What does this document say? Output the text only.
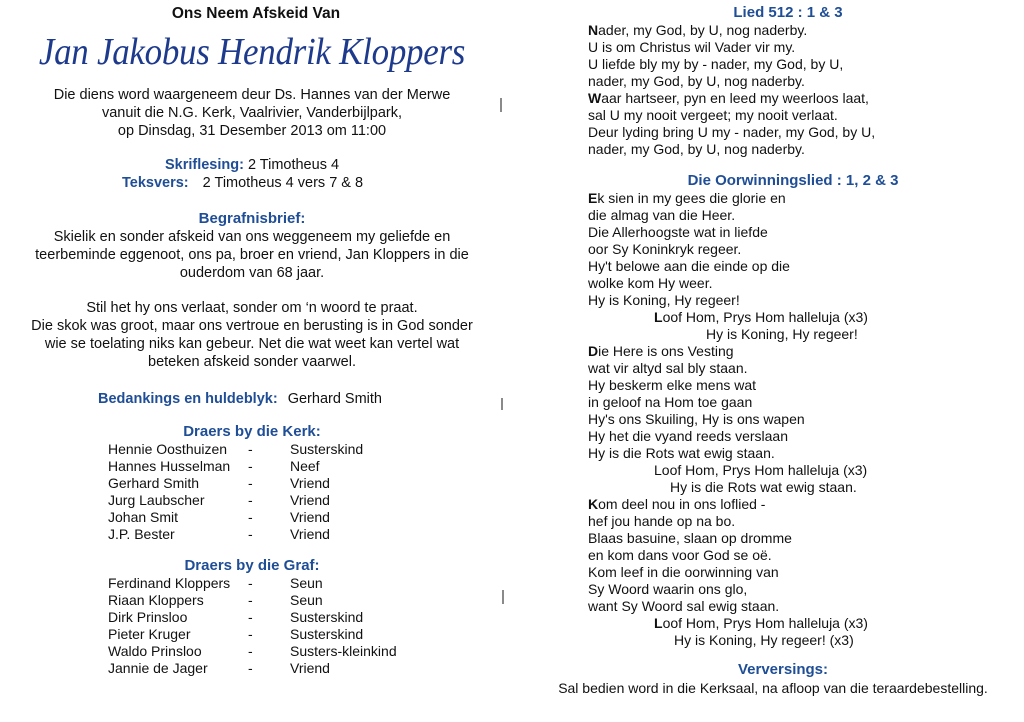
Ons Neem Afskeid Van
Jan Jakobus Hendrik Kloppers
Die diens word waargeneem deur Ds. Hannes van der Merwe
vanuit die N.G. Kerk, Vaalrivier, Vanderbijlpark,
op Dinsdag, 31 Desember 2013 om 11:00
Skriflesing: 2 Timotheus 4
Teksvers: 2 Timotheus 4 vers 7 & 8
Begrafnisbrief:
Skielik en sonder afskeid van ons weggeneem my geliefde en
teerbeminde eggenoot, ons pa, broer en vriend, Jan Kloppers in die
ouderdom van 68 jaar.
Stil het hy ons verlaat, sonder om ‘n woord te praat.
Die skok was groot, maar ons vertroue en berusting is in God sonder
wie se toelating niks kan gebeur. Net die wat weet kan vertel wat
beteken afskeid sonder vaarwel.
Bedankings en huldeblyk: Gerhard Smith
Draers by die Kerk:
Hennie Oosthuizen	-	Susterskind
Hannes Husselman	-	Neef
Gerhard Smith	-	Vriend
Jurg Laubscher	-	Vriend
Johan Smit	-	Vriend
J.P. Bester	-	Vriend
Draers by die Graf:
Ferdinand Kloppers	-	Seun
Riaan Kloppers	-	Seun
Dirk Prinsloo	-	Susterskind
Pieter Kruger	-	Susterskind
Waldo Prinsloo	-	Susters-kleinkind
Jannie de Jager	-	Vriend
Lied 512 : 1 & 3
Nader, my God, by U, nog naderby.
U is om Christus wil Vader vir my.
U liefde bly my by - nader, my God, by U,
nader, my God, by U, nog naderby.
Waar hartseer, pyn en leed my weerloos laat,
sal U my nooit vergeet; my nooit verlaat.
Deur lyding bring U my - nader, my God, by U,
nader, my God, by U, nog naderby.
Die Oorwinningslied : 1, 2 & 3
Ek sien in my gees die glorie en
die almag van die Heer.
Die Allerhoogste wat in liefde
oor Sy Koninkryk regeer.
Hy't belowe aan die einde op die
wolke kom Hy weer.
Hy is Koning, Hy regeer!
Loof Hom, Prys Hom halleluja (x3)
Hy is Koning, Hy regeer!
Die Here is ons Vesting
wat vir altyd sal bly staan.
Hy beskerm elke mens wat
in geloof na Hom toe gaan
Hy's ons Skuiling, Hy is ons wapen
Hy het die vyand reeds verslaan
Hy is die Rots wat ewig staan.
Loof Hom, Prys Hom halleluja (x3)
Hy is die Rots wat ewig staan.
Kom deel nou in ons loflied -
hef jou hande op na bo.
Blaas basuine, slaan op dromme
en kom dans voor God se oë.
Kom leef in die oorwinning van
Sy Woord waarin ons glo,
want Sy Woord sal ewig staan.
Loof Hom, Prys Hom halleluja (x3)
Hy is Koning, Hy regeer! (x3)
Verversings:
Sal bedien word in die Kerksaal, na afloop van die teraardebestelling.
